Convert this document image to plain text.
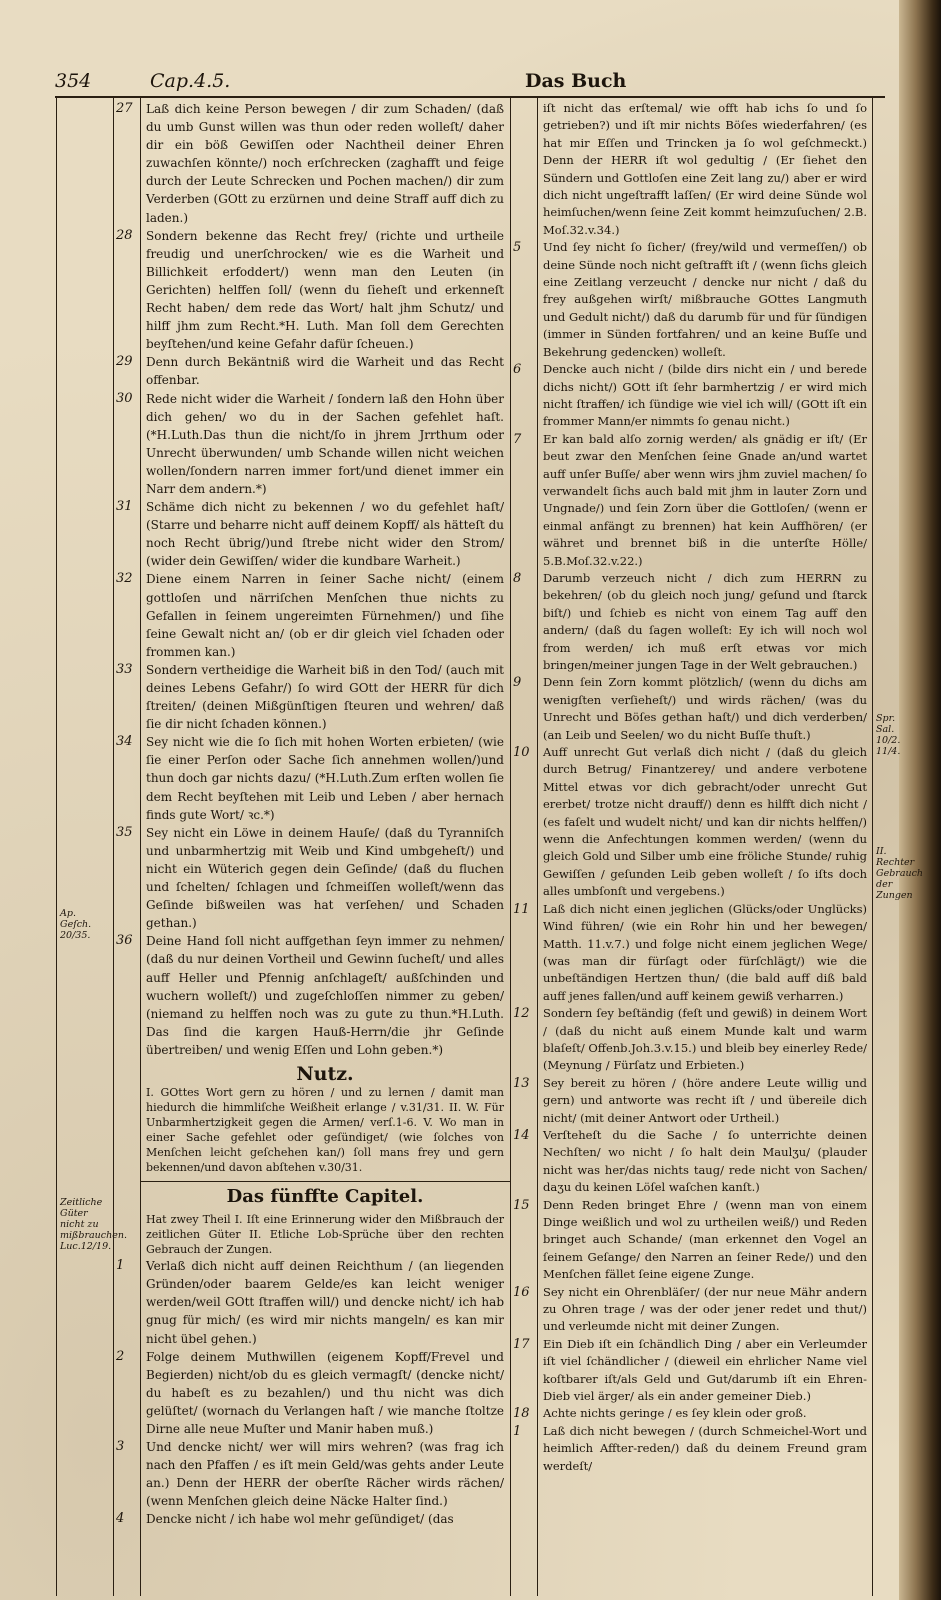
354	Cap.4.5.	Das Buch
Ap. Geſch. 20/35.
Zeitliche Güter nicht zu mißbrauchen. Luc.12/19.
Spr. Sal. 10/2. 11/4.
II. Rechter Gebrauch der Zungen
27 Laß dich keine Person bewegen / dir zum Schaden/ (daß du umb Gunst willen was thun oder reden wolleſt/ daher dir ein böß Gewiſſen oder Nachtheil deiner Ehren zuwachſen könnte/) noch erſchrecken (zaghafft und feige durch der Leute Schrecken und Pochen machen/) dir zum Verderben (GOtt zu erzürnen und deine Straff auff dich zu laden.)
28 Sondern bekenne das Recht frey/ (richte und urtheile freudig und unerſchrocken/ wie es die Warheit und Billichkeit erfoddert/) wenn man den Leuten (in Gerichten) helffen ſoll/ (wenn du ſieheſt und erkenneſt Recht haben/ dem rede das Wort/ halt jhm Schutz/ und hilff jhm zum Recht.*H. Luth. Man ſoll dem Gerechten beyſtehen/und keine Gefahr dafür ſcheuen.)
29 Denn durch Bekäntniß wird die Warheit und das Recht offenbar.
30 Rede nicht wider die Warheit / ſondern laß den Hohn über dich gehen/ wo du in der Sachen gefehlet haſt. (*H.Luth.Das thun die nicht/ſo in jhrem Jrrthum oder Unrecht überwunden/ umb Schande willen nicht weichen wollen/ſondern narren immer fort/und dienet immer ein Narr dem andern.*)
31 Schäme dich nicht zu bekennen / wo du gefehlet haſt/ (Starre und beharre nicht auff deinem Kopff/ als hätteſt du noch Recht übrig/)und ſtrebe nicht wider den Strom/ (wider dein Gewiſſen/ wider die kundbare Warheit.)
32 Diene einem Narren in ſeiner Sache nicht/ (einem gottloſen und närriſchen Menſchen thue nichts zu Gefallen in ſeinem ungereimten Fürnehmen/) und ſihe ſeine Gewalt nicht an/ (ob er dir gleich viel ſchaden oder frommen kan.)
33 Sondern vertheidige die Warheit biß in den Tod/ (auch mit deines Lebens Gefahr/) ſo wird GOtt der HERR für dich ſtreiten/ (deinen Mißgünſtigen ſteuren und wehren/ daß ſie dir nicht ſchaden können.)
34 Sey nicht wie die ſo ſich mit hohen Worten erbieten/ (wie ſie einer Perſon oder Sache ſich annehmen wollen/)und thun doch gar nichts dazu/ (*H.Luth.Zum erſten wollen ſie dem Recht beyſtehen mit Leib und Leben / aber hernach finds gute Wort/ ꝛc.*)
35 Sey nicht ein Löwe in deinem Hauſe/ (daß du Tyranniſch und unbarmhertzig mit Weib und Kind umbgeheſt/) und nicht ein Wüterich gegen dein Geſinde/ (daß du fluchen und ſchelten/ ſchlagen und ſchmeiſſen wolleſt/wenn das Geſinde bißweilen was hat verſehen/ und Schaden gethan.)
36 Deine Hand ſoll nicht auffgethan ſeyn immer zu nehmen/ (daß du nur deinen Vortheil und Gewinn ſucheſt/ und alles auff Heller und Pfennig anſchlageſt/ außſchinden und wuchern wolleſt/) und zugeſchloſſen nimmer zu geben/ (niemand zu helffen noch was zu gute zu thun.*H.Luth. Das ſind die kargen Hauß-Herrn/die jhr Geſinde übertreiben/ und wenig Eſſen und Lohn geben.*)
Nutz.
I. GOttes Wort gern zu hören / und zu lernen / damit man hiedurch die himmliſche Weißheit erlange / v.31/31. II. W. Für Unbarmhertzigkeit gegen die Armen/ verſ.1-6. V. Wo man in einer Sache gefehlet oder geſündiget/ (wie ſolches von Menſchen leicht geſchehen kan/) ſoll mans frey und gern bekennen/und davon abſtehen v.30/31.
Das fünffte Capitel.
Hat zwey Theil I. Iſt eine Erinnerung wider den Mißbrauch der zeitlichen Güter II. Etliche Lob-Sprüche über den rechten Gebrauch der Zungen.
1 Verlaß dich nicht auff deinen Reichthum / (an liegenden Gründen/oder baarem Gelde/es kan leicht weniger werden/weil GOtt ſtraffen will/) und dencke nicht/ ich hab gnug für mich/ (es wird mir nichts mangeln/ es kan mir nicht übel gehen.)
2 Folge deinem Muthwillen (eigenem Kopff/Frevel und Begierden) nicht/ob du es gleich vermagſt/ (dencke nicht/ du habeſt es zu bezahlen/) und thu nicht was dich gelüſtet/ (wornach du Verlangen haſt / wie manche ſtoltze Dirne alle neue Muſter und Manir haben muß.)
3 Und dencke nicht/ wer will mirs wehren? (was frag ich nach den Pfaffen / es iſt mein Geld/was gehts ander Leute an.) Denn der HERR der oberſte Rächer wirds rächen/ (wenn Menſchen gleich deine Näcke Halter ſind.)
4 Dencke nicht / ich habe wol mehr geſündiget/ (das
iſt nicht das erſtemal/ wie offt hab ichs ſo und ſo getrieben?) und iſt mir nichts Böſes wiederfahren/ (es hat mir Eſſen und Trincken ja ſo wol geſchmeckt.) Denn der HERR iſt wol gedultig / (Er ſiehet den Sündern und Gottloſen eine Zeit lang zu/) aber er wird dich nicht ungeſtrafft laſſen/ (Er wird deine Sünde wol heimſuchen/wenn ſeine Zeit kommt heimzuſuchen/ 2.B. Moſ.32.v.34.)
5 Und ſey nicht ſo ſicher/ (frey/wild und vermeſſen/) ob deine Sünde noch nicht geſtrafft iſt / (wenn ſichs gleich eine Zeitlang verzeucht / dencke nur nicht / daß du frey außgehen wirſt/ mißbrauche GOttes Langmuth und Gedult nicht/) daß du darumb für und für ſündigen (immer in Sünden fortfahren/ und an keine Buſſe und Bekehrung gedencken) wolleſt.
6 Dencke auch nicht / (bilde dirs nicht ein / und berede dichs nicht/) GOtt iſt ſehr barmhertzig / er wird mich nicht ſtraffen/ ich ſündige wie viel ich will/ (GOtt iſt ein frommer Mann/er nimmts ſo genau nicht.)
7 Er kan bald alſo zornig werden/ als gnädig er iſt/ (Er beut zwar den Menſchen ſeine Gnade an/und wartet auff unſer Buſſe/ aber wenn wirs jhm zuviel machen/ ſo verwandelt ſichs auch bald mit jhm in lauter Zorn und Ungnade/) und ſein Zorn über die Gottloſen/ (wenn er einmal anfängt zu brennen) hat kein Auffhören/ (er währet und brennet biß in die unterſte Hölle/ 5.B.Moſ.32.v.22.)
8 Darumb verzeuch nicht / dich zum HERRN zu bekehren/ (ob du gleich noch jung/ geſund und ſtarck biſt/) und ſchieb es nicht von einem Tag auff den andern/ (daß du ſagen wolleſt: Ey ich will noch wol from werden/ ich muß erſt etwas vor mich bringen/meiner jungen Tage in der Welt gebrauchen.)
9 Denn ſein Zorn kommt plötzlich/ (wenn du dichs am wenigſten verſieheſt/) und wirds rächen/ (was du Unrecht und Böſes gethan haſt/) und dich verderben/ (an Leib und Seelen/ wo du nicht Buſſe thuſt.)
10 Auff unrecht Gut verlaß dich nicht / (daß du gleich durch Betrug/ Finantzerey/ und andere verbotene Mittel etwas vor dich gebracht/oder unrecht Gut ererbet/ trotze nicht drauff/) denn es hilfft dich nicht / (es faſelt und wudelt nicht/ und kan dir nichts helffen/) wenn die Anfechtungen kommen werden/ (wenn du gleich Gold und Silber umb eine fröliche Stunde/ ruhig Gewiſſen / geſunden Leib geben wolleſt / ſo iſts doch alles umbſonſt und vergebens.)
11 Laß dich nicht einen jeglichen (Glücks/oder Unglücks) Wind führen/ (wie ein Rohr hin und her bewegen/ Matth. 11.v.7.) und folge nicht einem jeglichen Wege/ (was man dir fürſagt oder fürſchlägt/) wie die unbeſtändigen Hertzen thun/ (die bald auff diß bald auff jenes fallen/und auff keinem gewiß verharren.)
12 Sondern ſey beſtändig (feſt und gewiß) in deinem Wort / (daß du nicht auß einem Munde kalt und warm blaſeſt/ Offenb.Joh.3.v.15.) und bleib bey einerley Rede/ (Meynung / Fürſatz und Erbieten.)
13 Sey bereit zu hören / (höre andere Leute willig und gern) und antworte was recht iſt / und übereile dich nicht/ (mit deiner Antwort oder Urtheil.)
14 Verſteheſt du die Sache / ſo unterrichte deinen Nechſten/ wo nicht / ſo halt dein Maulʒu/ (plauder nicht was her/das nichts taug/ rede nicht von Sachen/ daʒu du keinen Löſel waſchen kanſt.)
15 Denn Reden bringet Ehre / (wenn man von einem Dinge weißlich und wol zu urtheilen weiß/) und Reden bringet auch Schande/ (man erkennet den Vogel an ſeinem Geſange/ den Narren an ſeiner Rede/) und den Menſchen fället ſeine eigene Zunge.
16 Sey nicht ein Ohrenbläſer/ (der nur neue Mähr andern zu Ohren trage / was der oder jener redet und thut/) und verleumde nicht mit deiner Zungen.
17 Ein Dieb iſt ein ſchändlich Ding / aber ein Verleumder iſt viel ſchändlicher / (dieweil ein ehrlicher Name viel koſtbarer iſt/als Geld und Gut/darumb iſt ein Ehren-Dieb viel ärger/ als ein ander gemeiner Dieb.)
18 Achte nichts geringe / es ſey klein oder groß.
1 Laß dich nicht bewegen / (durch Schmeichel-Wort und heimlich Affter-reden/) daß du deinem Freund gram werdeſt/
